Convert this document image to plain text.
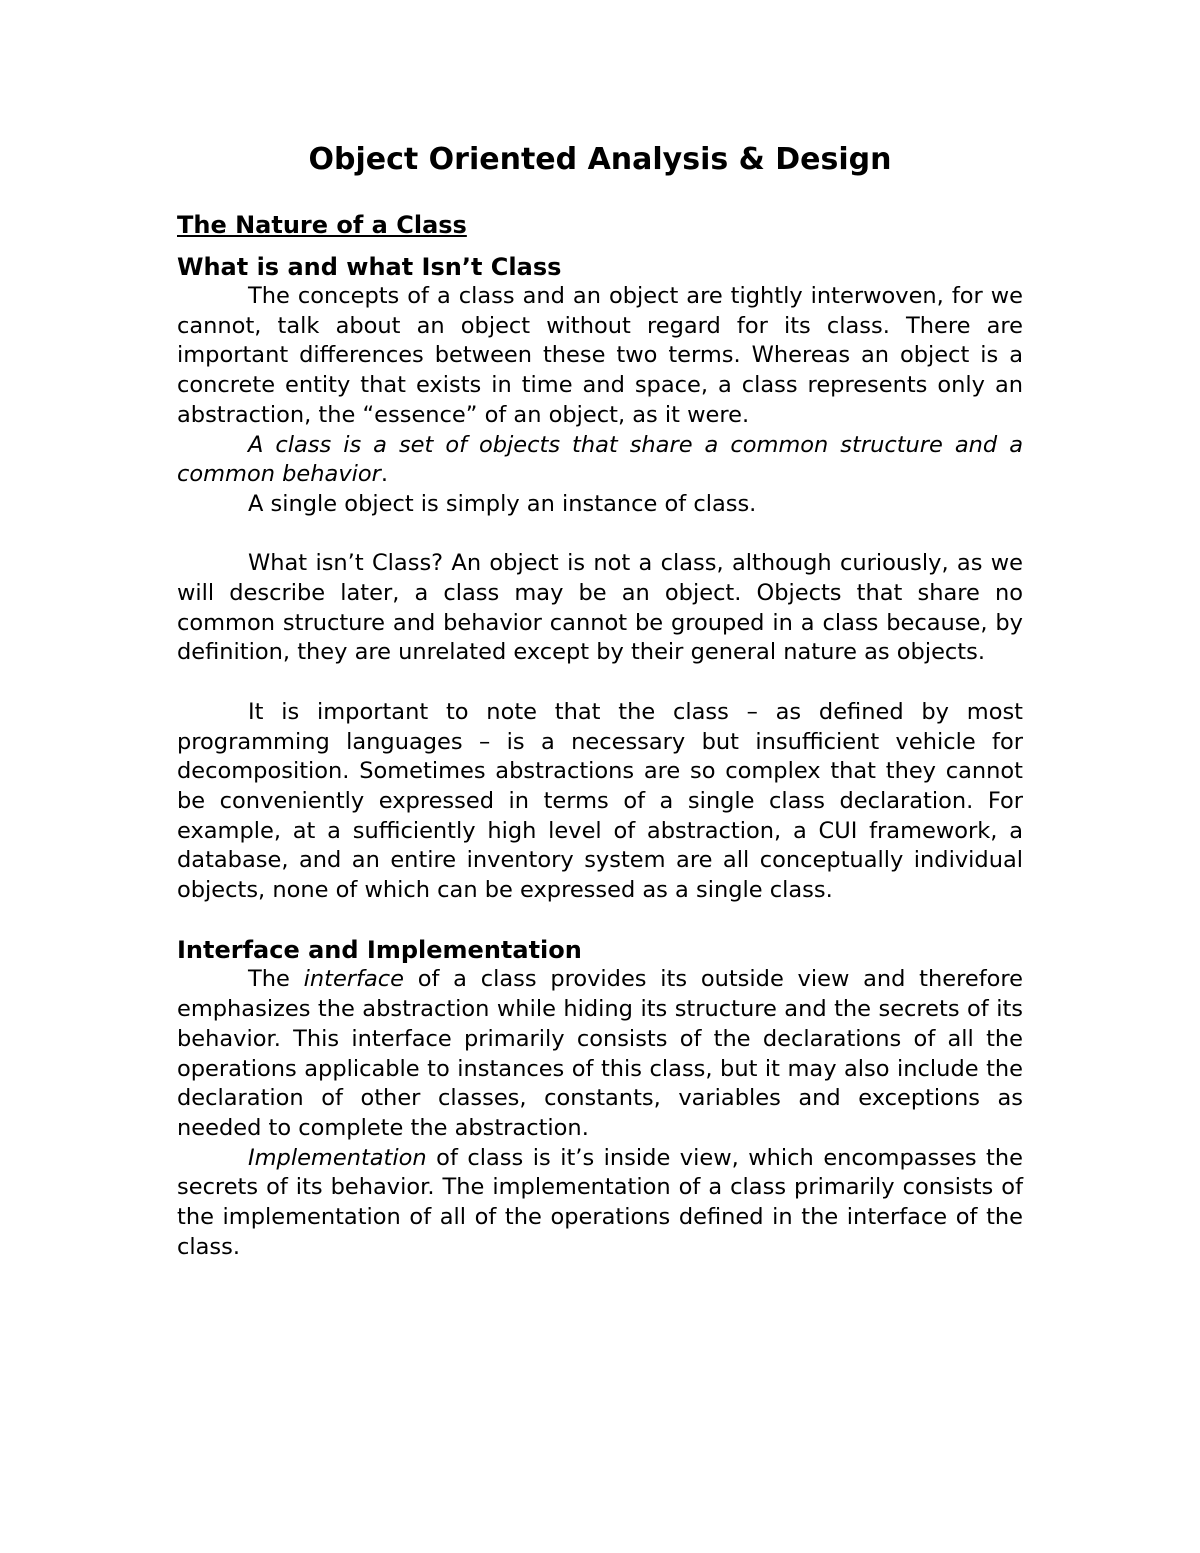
Object Oriented Analysis & Design
The Nature of a Class
What is and what Isn’t Class

The concepts of a class and an object are tightly interwoven, for we cannot, talk about an object without regard for its class. There are important differences between these two terms. Whereas an object is a concrete entity that exists in time and space, a class represents only an abstraction, the “essence” of an object, as it were.

A class is a set of objects that share a common structure and a common behavior.

A single object is simply an instance of class.

What isn’t Class? An object is not a class, although curiously, as we will describe later, a class may be an object. Objects that share no common structure and behavior cannot be grouped in a class because, by definition, they are unrelated except by their general nature as objects.

It is important to note that the class – as defined by most programming languages – is a necessary but insufficient vehicle for decomposition. Sometimes abstractions are so complex that they cannot be conveniently expressed in terms of a single class declaration. For example, at a sufficiently high level of abstraction, a CUI framework, a database, and an entire inventory system are all conceptually individual objects, none of which can be expressed as a single class.

Interface and Implementation

The interface of a class provides its outside view and therefore emphasizes the abstraction while hiding its structure and the secrets of its behavior. This interface primarily consists of the declarations of all the operations applicable to instances of this class, but it may also include the declaration of other classes, constants, variables and exceptions as needed to complete the abstraction.

Implementation of class is it’s inside view, which encompasses the secrets of its behavior. The implementation of a class primarily consists of the implementation of all of the operations defined in the interface of the class.
